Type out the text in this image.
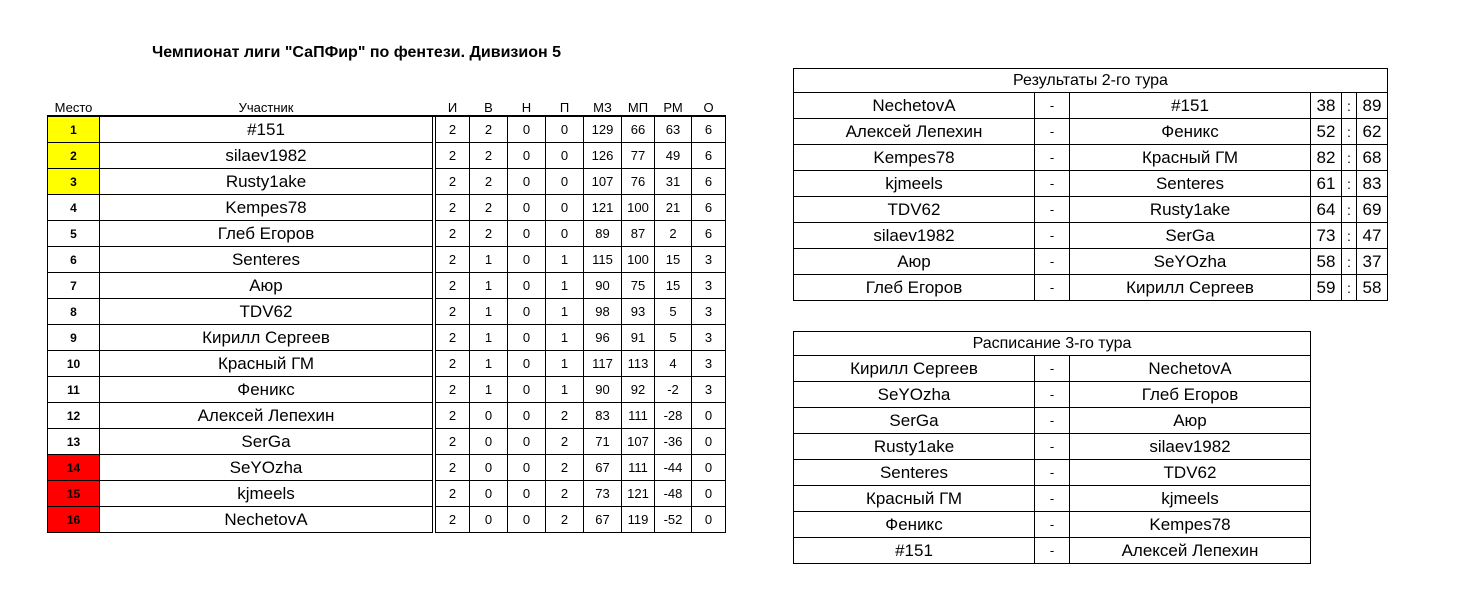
Чемпионат лиги "СаПФир" по фентези. Дивизион 5
Место	Участник		И	В	Н	П	МЗ	МП	РМ	О
1	#151		2	2	0	0	129	66	63	6
2	silaev1982		2	2	0	0	126	77	49	6
3	Rusty1ake		2	2	0	0	107	76	31	6
4	Kempes78		2	2	0	0	121	100	21	6
5	Глеб Егоров		2	2	0	0	89	87	2	6
6	Senteres		2	1	0	1	115	100	15	3
7	Аюр		2	1	0	1	90	75	15	3
8	TDV62		2	1	0	1	98	93	5	3
9	Кирилл Сергеев		2	1	0	1	96	91	5	3
10	Красный ГМ		2	1	0	1	117	113	4	3
11	Феникс		2	1	0	1	90	92	-2	3
12	Алексей Лепехин		2	0	0	2	83	111	-28	0
13	SerGa		2	0	0	2	71	107	-36	0
14	SeYOzha		2	0	0	2	67	111	-44	0
15	kjmeels		2	0	0	2	73	121	-48	0
16	NechetovA		2	0	0	2	67	119	-52	0
Результаты 2-го тура					
NechetovA	-	#151	38	:	89
Алексей Лепехин	-	Феникс	52	:	62
Kempes78	-	Красный ГМ	82	:	68
kjmeels	-	Senteres	61	:	83
TDV62	-	Rusty1ake	64	:	69
silaev1982	-	SerGa	73	:	47
Аюр	-	SeYOzha	58	:	37
Глеб Егоров	-	Кирилл Сергеев	59	:	58
Расписание 3-го тура		
Кирилл Сергеев	-	NechetovA
SeYOzha	-	Глеб Егоров
SerGa	-	Аюр
Rusty1ake	-	silaev1982
Senteres	-	TDV62
Красный ГМ	-	kjmeels
Феникс	-	Kempes78
#151	-	Алексей Лепехин
